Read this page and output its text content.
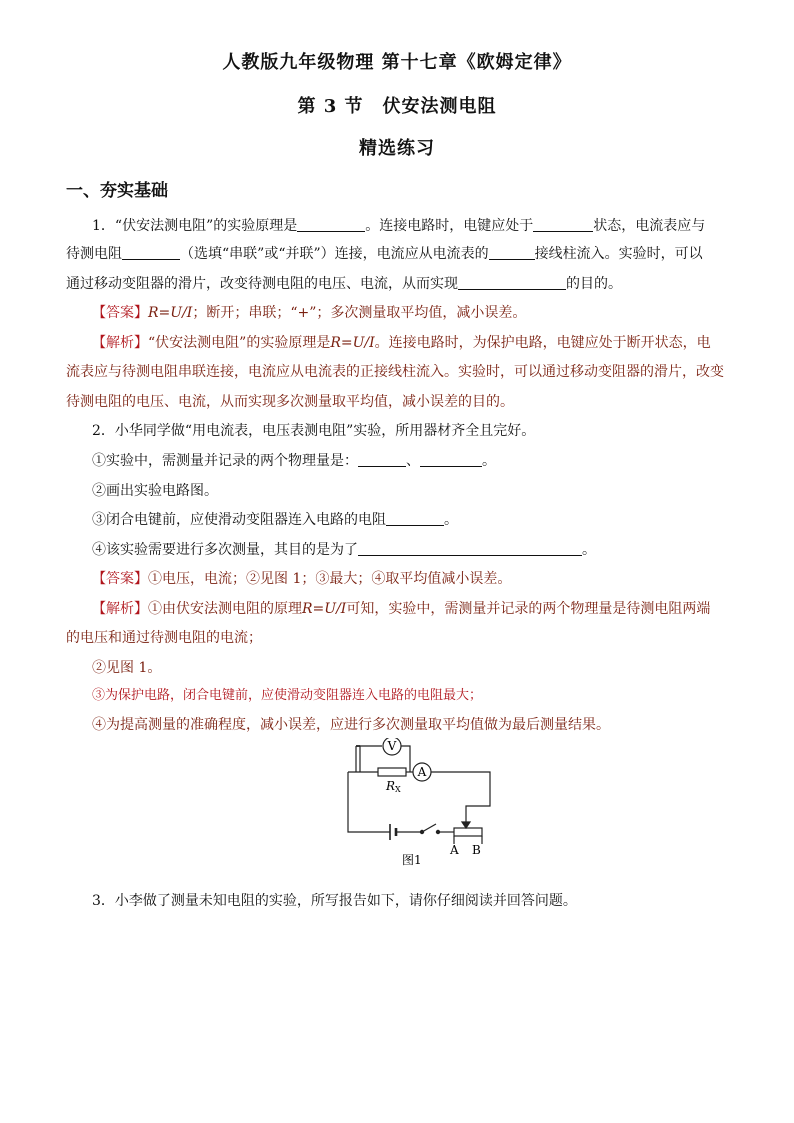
人教版九年级物理 第十七章《欧姆定律》
第 3 节　伏安法测电阻
精选练习
一、夯实基础
1．“伏安法测电阻”的实验原理是	。连接电路时，电键应处于	状态，电流表应与
待测电阻	（选填“串联”或“并联”）连接，电流应从电流表的	接线柱流入。实验时，可以
通过移动变阻器的滑片，改变待测电阻的电压、电流，从而实现	的目的。
【答案】R=U/I；断开；串联；“+”；多次测量取平均值，减小误差。
【解析】“伏安法测电阻”的实验原理是R=U/I。连接电路时，为保护电路，电键应处于断开状态，电
流表应与待测电阻串联连接，电流应从电流表的正接线柱流入。实验时，可以通过移动变阻器的滑片，改变
待测电阻的电压、电流，从而实现多次测量取平均值，减小误差的目的。
2．小华同学做“用电流表，电压表测电阻”实验，所用器材齐全且完好。
①实验中，需测量并记录的两个物理量是：	、	。
②画出实验电路图。
③闭合电键前，应使滑动变阻器连入电路的电阻	。
④该实验需要进行多次测量，其目的是为了	。
【答案】①电压，电流；②见图 1；③最大；④取平均值减小误差。
【解析】①由伏安法测电阻的原理R=U/I可知，实验中，需测量并记录的两个物理量是待测电阻两端
的电压和通过待测电阻的电流；
②见图 1。
③为保护电路，闭合电键前，应使滑动变阻器连入电路的电阻最大；
④为提高测量的准确程度，减小误差，应进行多次测量取平均值做为最后测量结果。
V
A
R X
A B
图1
3．小李做了测量未知电阻的实验，所写报告如下，请你仔细阅读并回答问题。
